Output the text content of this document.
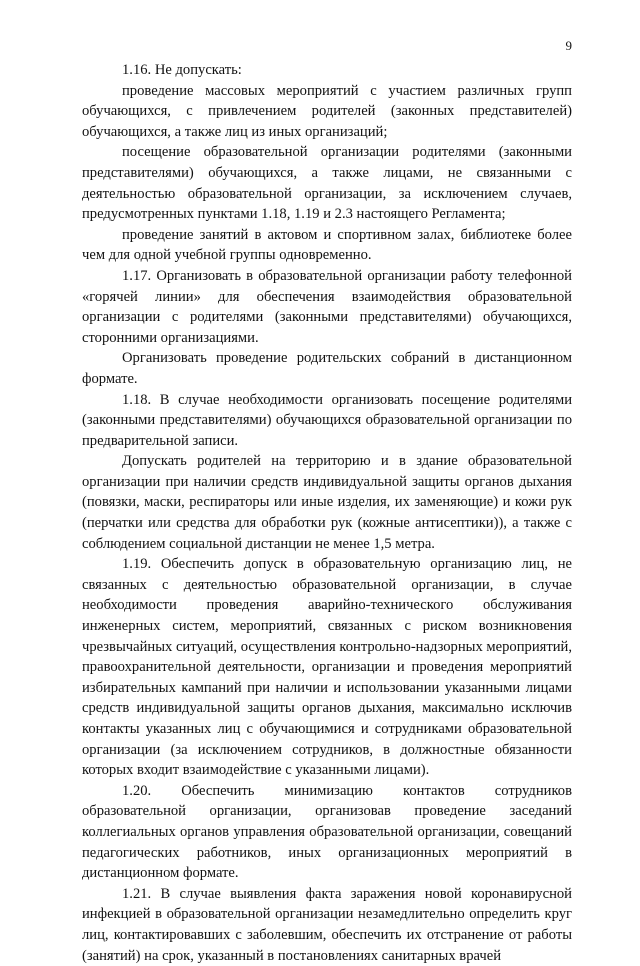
9

1.16. Не допускать:

проведение массовых мероприятий с участием различных групп обучающихся, с привлечением родителей (законных представителей) обучающихся, а также лиц из иных организаций;

посещение образовательной организации родителями (законными представителями) обучающихся, а также лицами, не связанными с деятельностью образовательной организации, за исключением случаев, предусмотренных пунктами 1.18, 1.19 и 2.3 настоящего Регламента;

проведение занятий в актовом и спортивном залах, библиотеке более чем для одной учебной группы одновременно.

1.17. Организовать в образовательной организации работу телефонной «горячей линии» для обеспечения взаимодействия образовательной организации с родителями (законными представителями) обучающихся, сторонними организациями.

Организовать проведение родительских собраний в дистанционном формате.

1.18. В случае необходимости организовать посещение родителями (законными представителями) обучающихся образовательной организации по предварительной записи.

Допускать родителей на территорию и в здание образовательной организации при наличии средств индивидуальной защиты органов дыхания (повязки, маски, респираторы или иные изделия, их заменяющие) и кожи рук (перчатки или средства для обработки рук (кожные антисептики)), а также с соблюдением социальной дистанции не менее 1,5 метра.

1.19. Обеспечить допуск в образовательную организацию лиц, не связанных с деятельностью образовательной организации, в случае необходимости проведения аварийно-технического обслуживания инженерных систем, мероприятий, связанных с риском возникновения чрезвычайных ситуаций, осуществления контрольно-надзорных мероприятий, правоохранительной деятельности, организации и проведения мероприятий избирательных кампаний при наличии и использовании указанными лицами средств индивидуальной защиты органов дыхания, максимально исключив контакты указанных лиц с обучающимися и сотрудниками образовательной организации (за исключением сотрудников, в должностные обязанности которых входит взаимодействие с указанными лицами).

1.20. Обеспечить минимизацию контактов сотрудников образовательной организации, организовав проведение заседаний коллегиальных органов управления образовательной организации, совещаний педагогических работников, иных организационных мероприятий в дистанционном формате.

1.21. В случае выявления факта заражения новой коронавирусной инфекцией в образовательной организации незамедлительно определить круг лиц, контактировавших с заболевшим, обеспечить их отстранение от работы (занятий) на срок, указанный в постановлениях санитарных врачей
